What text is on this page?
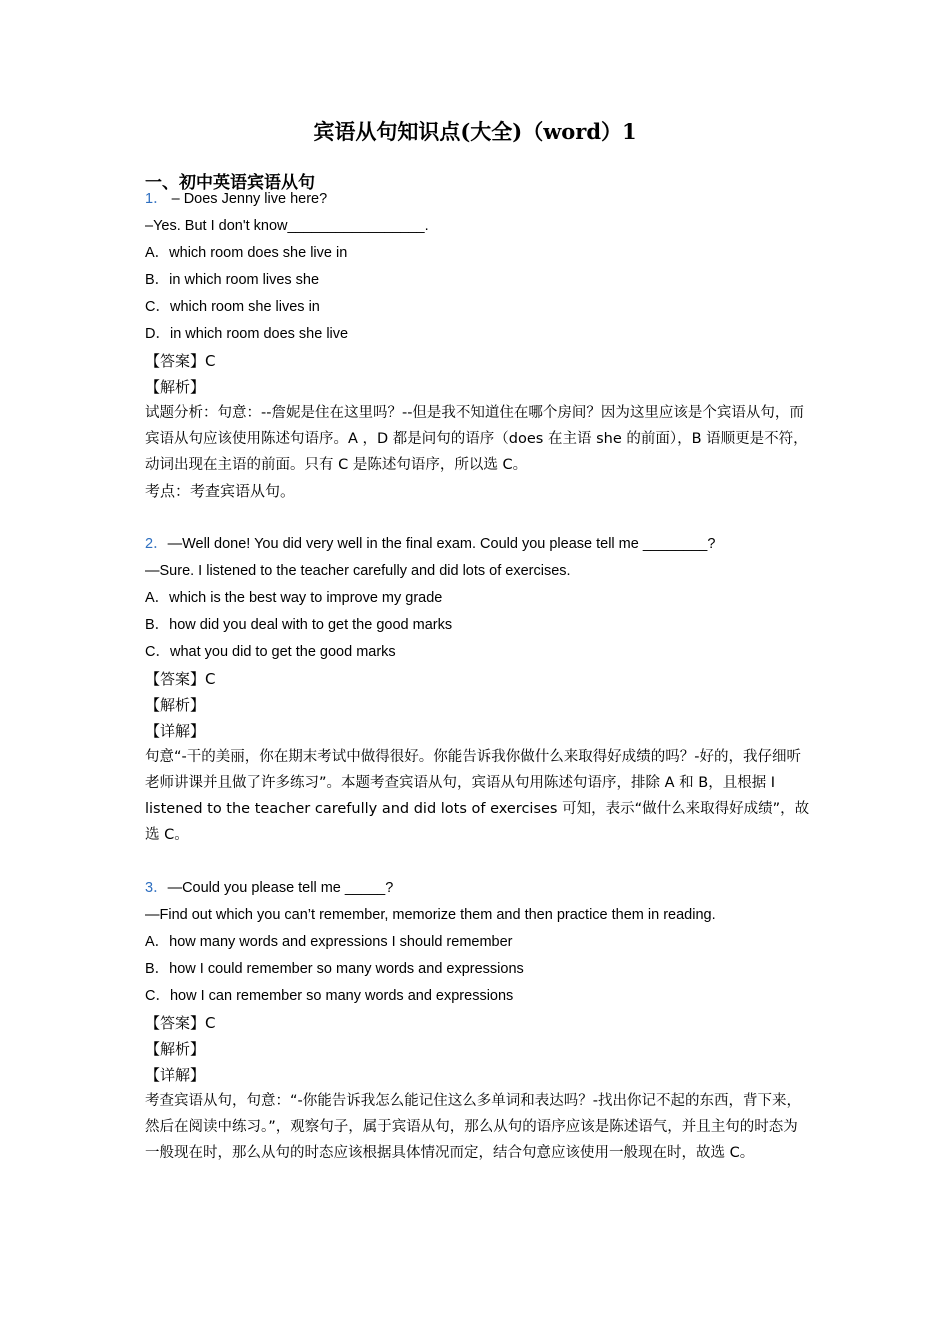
宾语从句知识点(大全)（word）1
一、初中英语宾语从句
1． – Does Jenny live here?
–Yes. But I don't know_________________.
A．which room does she live in
B．in which room lives she
C．which room she lives in
D．in which room does she live
【答案】C
【解析】
试题分析：句意：--詹妮是住在这里吗？--但是我不知道住在哪个房间？因为这里应该是个宾语从句，而宾语从句应该使用陈述句语序。A ，D 都是问句的语序（does 在主语 she 的前面），B 语顺更是不符，动词出现在主语的前面。只有 C 是陈述句语序，所以选 C。
考点：考查宾语从句。
2．—Well done! You did very well in the final exam. Could you please tell me ________?
—Sure. I listened to the teacher carefully and did lots of exercises.
A．which is the best way to improve my grade
B．how did you deal with to get the good marks
C．what you did to get the good marks
【答案】C
【解析】
【详解】
句意“-干的美丽，你在期末考试中做得很好。你能告诉我你做什么来取得好成绩的吗？-好的，我仔细听老师讲课并且做了许多练习”。本题考查宾语从句，宾语从句用陈述句语序，排除 A 和 B，且根据 I listened to the teacher carefully and did lots of exercises 可知，表示“做什么来取得好成绩”，故选 C。
3．—Could you please tell me _____?
—Find out which you can’t remember, memorize them and then practice them in reading.
A．how many words and expressions I should remember
B．how I could remember so many words and expressions
C．how I can remember so many words and expressions
【答案】C
【解析】
【详解】
考查宾语从句，句意：“-你能告诉我怎么能记住这么多单词和表达吗？-找出你记不起的东西，背下来，然后在阅读中练习。”，观察句子，属于宾语从句，那么从句的语序应该是陈述语气，并且主句的时态为一般现在时，那么从句的时态应该根据具体情况而定，结合句意应该使用一般现在时，故选 C。
